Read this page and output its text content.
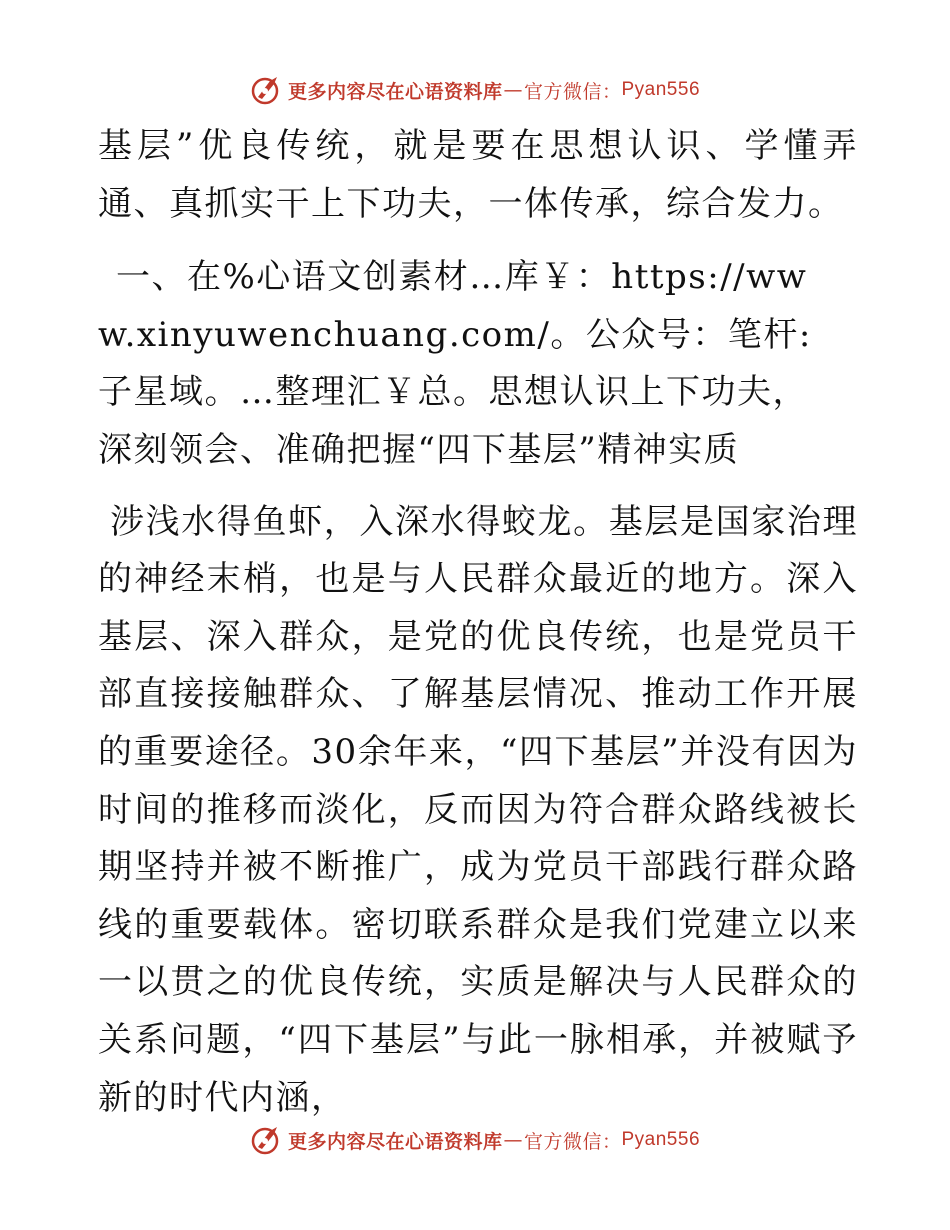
更多内容尽在心语资料库 — 官方微信： Pyan556

基层”优良传统，就是要在思想认识、学懂弄通、真抓实干上下功夫，一体传承，综合发力。

一、在%心语文创素材…库￥：https://www.xinyuwenchuang.com/。公众号：笔杆:子星域。…整理汇￥总。思想认识上下功夫，深刻领会、准确把握“四下基层”精神实质

涉浅水得鱼虾，入深水得蛟龙。基层是国家治理的神经末梢，也是与人民群众最近的地方。深入基层、深入群众，是党的优良传统，也是党员干部直接接触群众、了解基层情况、推动工作开展的重要途径。30余年来，“四下基层”并没有因为时间的推移而淡化，反而因为符合群众路线被长期坚持并被不断推广，成为党员干部践行群众路线的重要载体。密切联系群众是我们党建立以来一以贯之的优良传统，实质是解决与人民群众的关系问题，“四下基层”与此一脉相承，并被赋予新的时代内涵，

更多内容尽在心语资料库 — 官方微信： Pyan556
